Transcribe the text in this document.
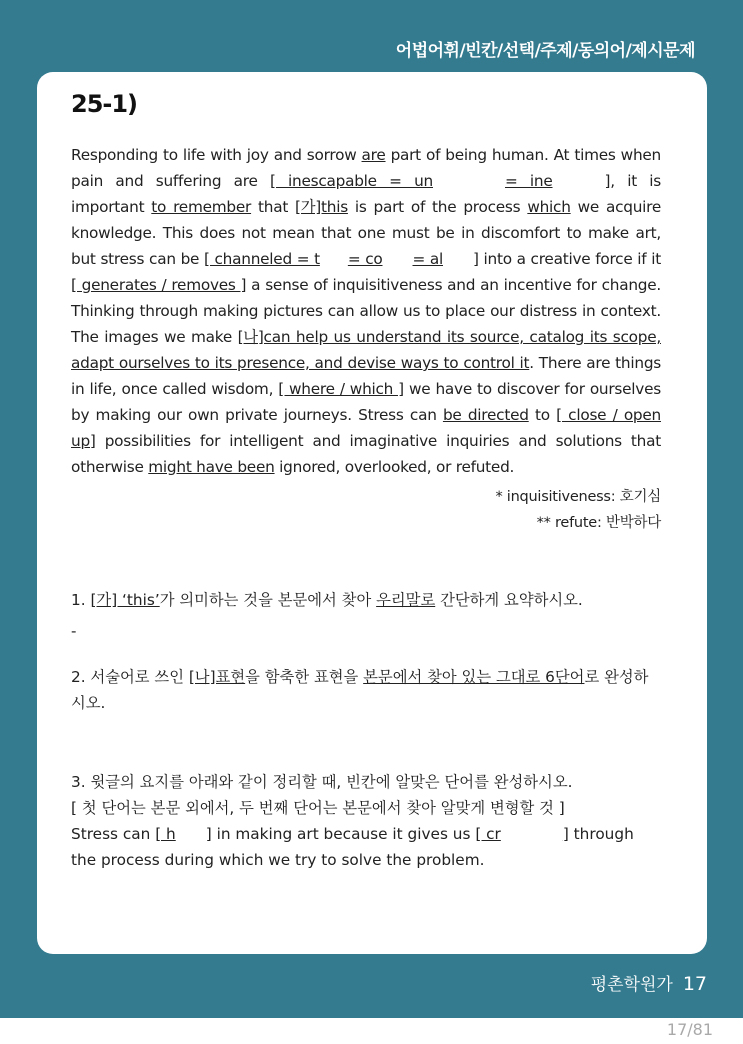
어법어휘/빈칸/선택/주제/동의어/제시문제
25-1)

Responding to life with joy and sorrow are part of being human. At times when pain and suffering are [ inescapable = un	= ine	], it is important to remember that [가]this is part of the process which we acquire knowledge. This does not mean that one must be in discomfort to make art, but stress can be [ channeled = t = co = al ] into a creative force if it [ generates / removes ] a sense of inquisitiveness and an incentive for change. Thinking through making pictures can allow us to place our distress in context. The images we make [나]can help us understand its source, catalog its scope, adapt ourselves to its presence, and devise ways to control it. There are things in life, once called wisdom, [ where / which ] we have to discover for ourselves by making our own private journeys. Stress can be directed to [ close / open up] possibilities for intelligent and imaginative inquiries and solutions that otherwise might have been ignored, overlooked, or refuted.

* inquisitiveness: 호기심
** refute: 반박하다
1. [가] ‘this’가 의미하는 것을 본문에서 찾아 우리말로 간단하게 요약하시오.
-
2. 서술어로 쓰인 [나]표현을 함축한 표현을 본문에서 찾아 있는 그대로 6단어로 완성하시오.
3. 윗글의 요지를 아래와 같이 정리할 때, 빈칸에 알맞은 단어를 완성하시오.
[ 첫 단어는 본문 외에서, 두 번째 단어는 본문에서 찾아 알맞게 변형할 것 ]
Stress can [ h ] in making art because it gives us [ cr	] through the process during which we try to solve the problem.
평촌학원가 17
17/81
